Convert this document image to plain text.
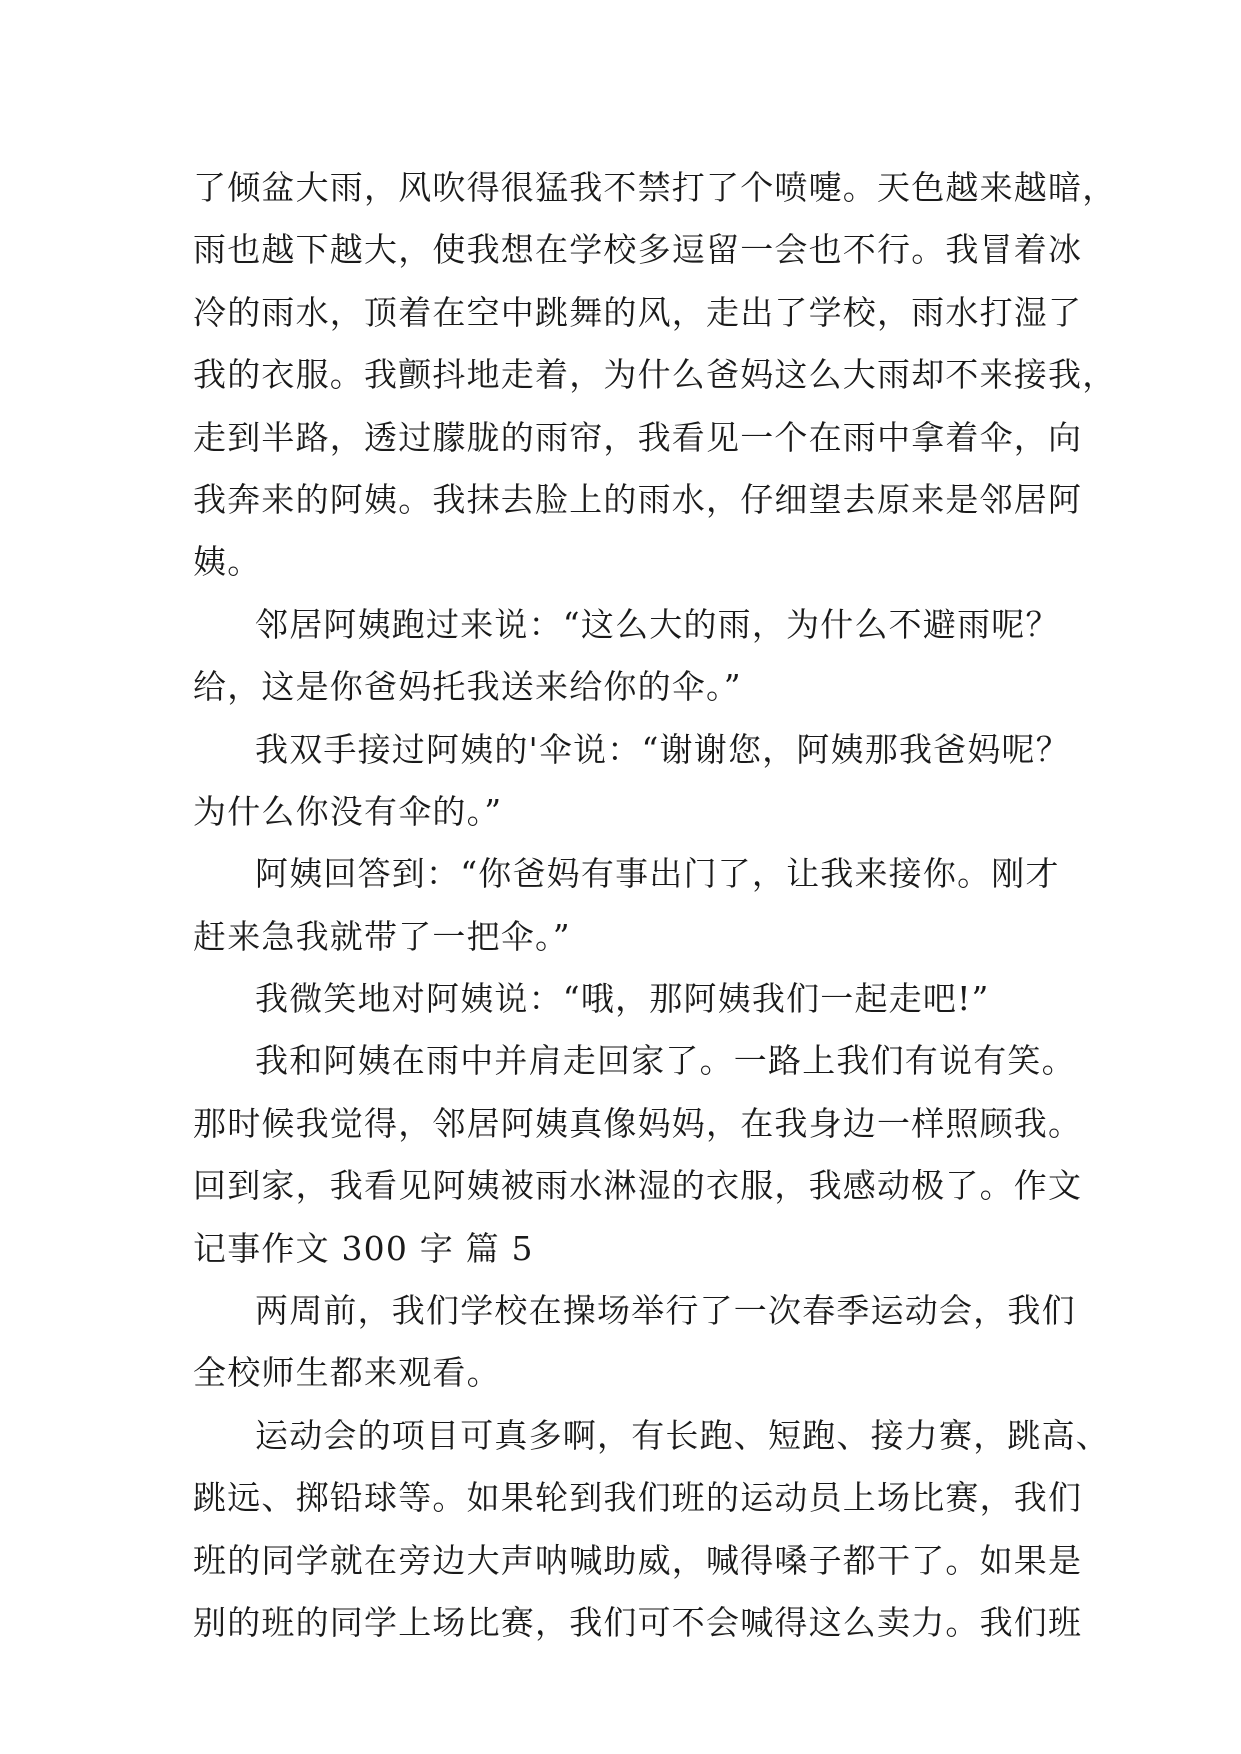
了倾盆大雨，风吹得很猛我不禁打了个喷嚏。天色越来越暗，
雨也越下越大，使我想在学校多逗留一会也不行。我冒着冰
冷的雨水，顶着在空中跳舞的风，走出了学校，雨水打湿了
我的衣服。我颤抖地走着，为什么爸妈这么大雨却不来接我，
走到半路，透过朦胧的雨帘，我看见一个在雨中拿着伞，向
我奔来的阿姨。我抹去脸上的雨水，仔细望去原来是邻居阿
姨。
邻居阿姨跑过来说：“这么大的雨，为什么不避雨呢？
给，这是你爸妈托我送来给你的伞。”
我双手接过阿姨的'伞说：“谢谢您，阿姨那我爸妈呢？
为什么你没有伞的。”
阿姨回答到：“你爸妈有事出门了，让我来接你。刚才
赶来急我就带了一把伞。”
我微笑地对阿姨说：“哦，那阿姨我们一起走吧!”
我和阿姨在雨中并肩走回家了。一路上我们有说有笑。
那时候我觉得，邻居阿姨真像妈妈，在我身边一样照顾我。
回到家，我看见阿姨被雨水淋湿的衣服，我感动极了。作文
记事作文 300 字 篇 5
两周前，我们学校在操场举行了一次春季运动会，我们
全校师生都来观看。
运动会的项目可真多啊，有长跑、短跑、接力赛，跳高、
跳远、掷铅球等。如果轮到我们班的运动员上场比赛，我们
班的同学就在旁边大声呐喊助威，喊得嗓子都干了。如果是
别的班的同学上场比赛，我们可不会喊得这么卖力。我们班
